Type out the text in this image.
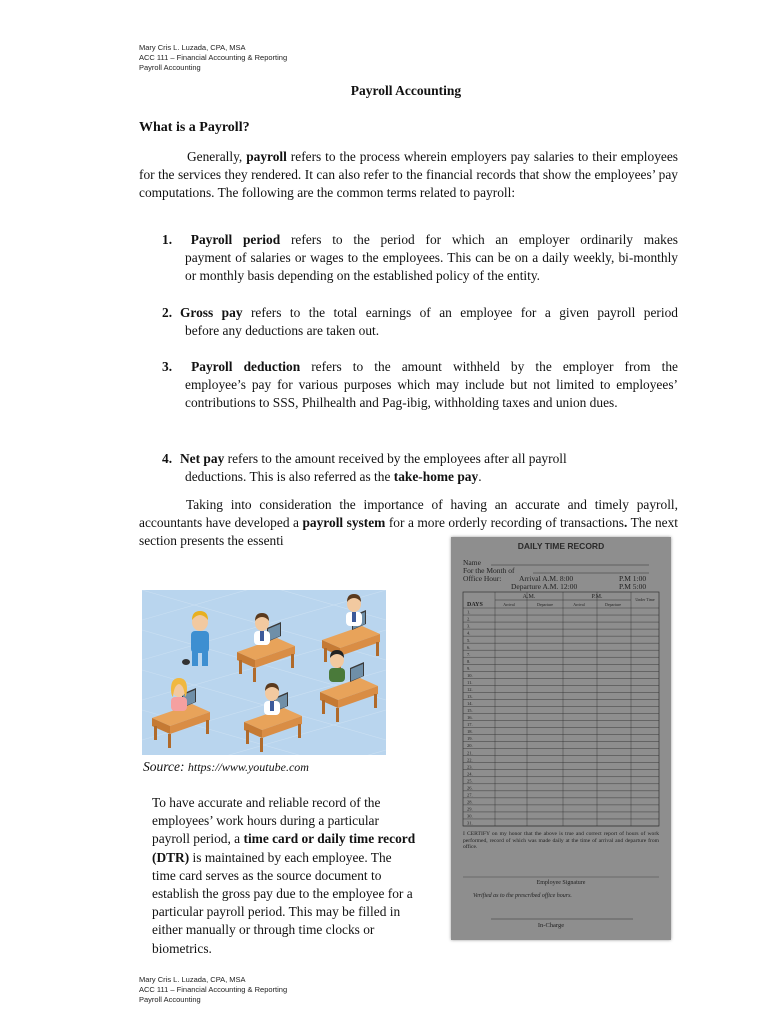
Mary Cris L. Luzada, CPA, MSA
ACC 111 – Financial Accounting & Reporting
Payroll Accounting
Payroll Accounting
What is a Payroll?
Generally, payroll refers to the process wherein employers pay salaries to their employees for the services they rendered. It can also refer to the financial records that show the employees’ pay computations. The following are the common terms related to payroll:
1. Payroll period refers to the period for which an employer ordinarily makes
payment of salaries or wages to the employees. This can be on a daily weekly, bi-monthly or monthly basis depending on the established policy of the entity.
2. Gross pay refers to the total earnings of an employee for a given payroll period
before any deductions are taken out.
3. Payroll deduction refers to the amount withheld by the employer from the
employee’s pay for various purposes which may include but not limited to employees’ contributions to SSS, Philhealth and Pag-ibig, withholding taxes and union dues.
4. Net pay refers to the amount received by the employees after all payroll
deductions. This is also referred as the take-home pay.
Taking into consideration the importance of having an accurate and timely payroll, accountants have developed a payroll system for a more orderly recording of transactions. The next section presents the essenti
Source: https://www.youtube.com
To have accurate and reliable record of the employees’ work hours during a particular payroll period, a time card or daily time record (DTR) is maintained by each employee. The time card serves as the source document to establish the gross pay due to the employee for a particular payroll period. This may be filled in either manually or through time clocks or biometrics.
DAILY TIME RECORD
Name
For the Month of
Office Hour: Arrival A.M. 8:00	P.M 1:00
Departure A.M. 12:00	P.M 5:00
A.M.	P.M.
DAYS	Arrival	Departure	Arrival	Departure
Under Time
1.
2.
3.
4.
5.
6.
7.
8.
9.
10.
11.
12.
13.
14.
15.
16.
17.
18.
19.
20.
21.
22.
23.
24.
25.
26.
27.
28.
29.
30.
31.
I CERTIFY on my honor that the above is true and correct report of hours of work performed, record of which was made daily at the time of arrival and departure from office.
Employee Signature
Verified as to the prescribed office hours.
In-Charge
Mary Cris L. Luzada, CPA, MSA
ACC 111 – Financial Accounting & Reporting
Payroll Accounting
